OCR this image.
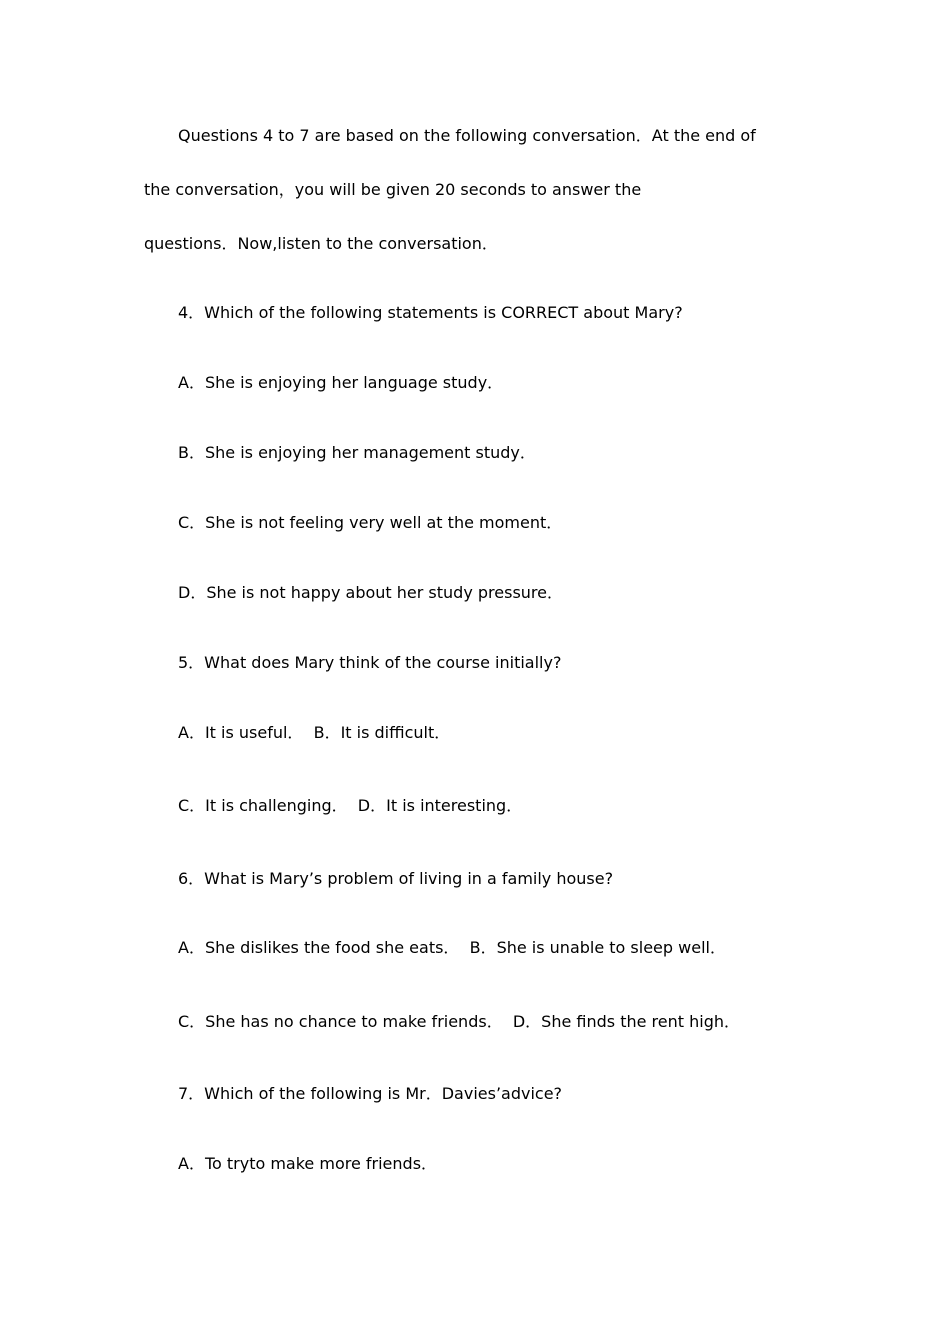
Questions 4 to 7 are based on the following conversation．At the end of
the conversation，you will be given 20 seconds to answer the
questions．Now,listen to the conversation．
4．Which of the following statements is CORRECT about Mary?
A．She is enjoying her language study．
B．She is enjoying her management study．
C．She is not feeling very well at the moment．
D．She is not happy about her study pressure．
5．What does Mary think of the course initially?
A．It is useful．  B．It is difficult．
C．It is challenging．  D．It is interesting．
6．What is Mary’s problem of living in a family house?
A．She dislikes the food she eats．  B．She is unable to sleep well．
C．She has no chance to make friends．  D．She finds the rent high．
7．Which of the following is Mr．Davies’advice?
A．To tryto make more friends．
